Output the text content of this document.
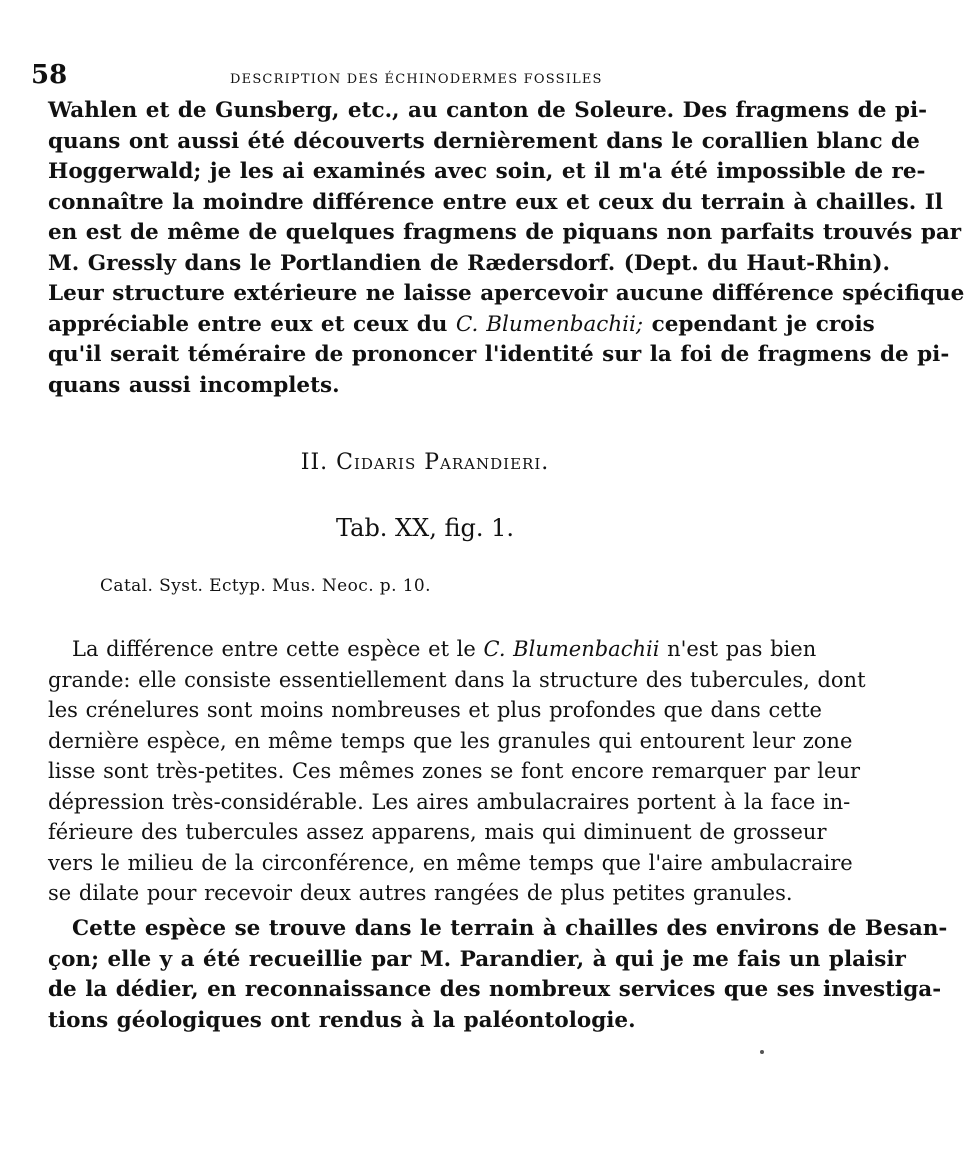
58	DESCRIPTION DES ÉCHINODERMES FOSSILES
Wahlen et de Gunsberg, etc., au canton de Soleure. Des fragmens de pi-
quans ont aussi été découverts dernièrement dans le corallien blanc de
Hoggerwald; je les ai examinés avec soin, et il m'a été impossible de re-
connaître la moindre différence entre eux et ceux du terrain à chailles. Il
en est de même de quelques fragmens de piquans non parfaits trouvés par
M. Gressly dans le Portlandien de Rædersdorf. (Dept. du Haut-Rhin).
Leur structure extérieure ne laisse apercevoir aucune différence spécifique
appréciable entre eux et ceux du C. Blumenbachii; cependant je crois
qu'il serait téméraire de prononcer l'identité sur la foi de fragmens de pi-
quans aussi incomplets.
II. Cidaris Parandieri.
Tab. XX, fig. 1.
Catal. Syst. Ectyp. Mus. Neoc. p. 10.
La différence entre cette espèce et le C. Blumenbachii n'est pas bien
grande: elle consiste essentiellement dans la structure des tubercules, dont
les crénelures sont moins nombreuses et plus profondes que dans cette
dernière espèce, en même temps que les granules qui entourent leur zone
lisse sont très-petites. Ces mêmes zones se font encore remarquer par leur
dépression très-considérable. Les aires ambulacraires portent à la face in-
férieure des tubercules assez apparens, mais qui diminuent de grosseur
vers le milieu de la circonférence, en même temps que l'aire ambulacraire
se dilate pour recevoir deux autres rangées de plus petites granules.
Cette espèce se trouve dans le terrain à chailles des environs de Besan-
çon; elle y a été recueillie par M. Parandier, à qui je me fais un plaisir
de la dédier, en reconnaissance des nombreux services que ses investiga-
tions géologiques ont rendus à la paléontologie.
